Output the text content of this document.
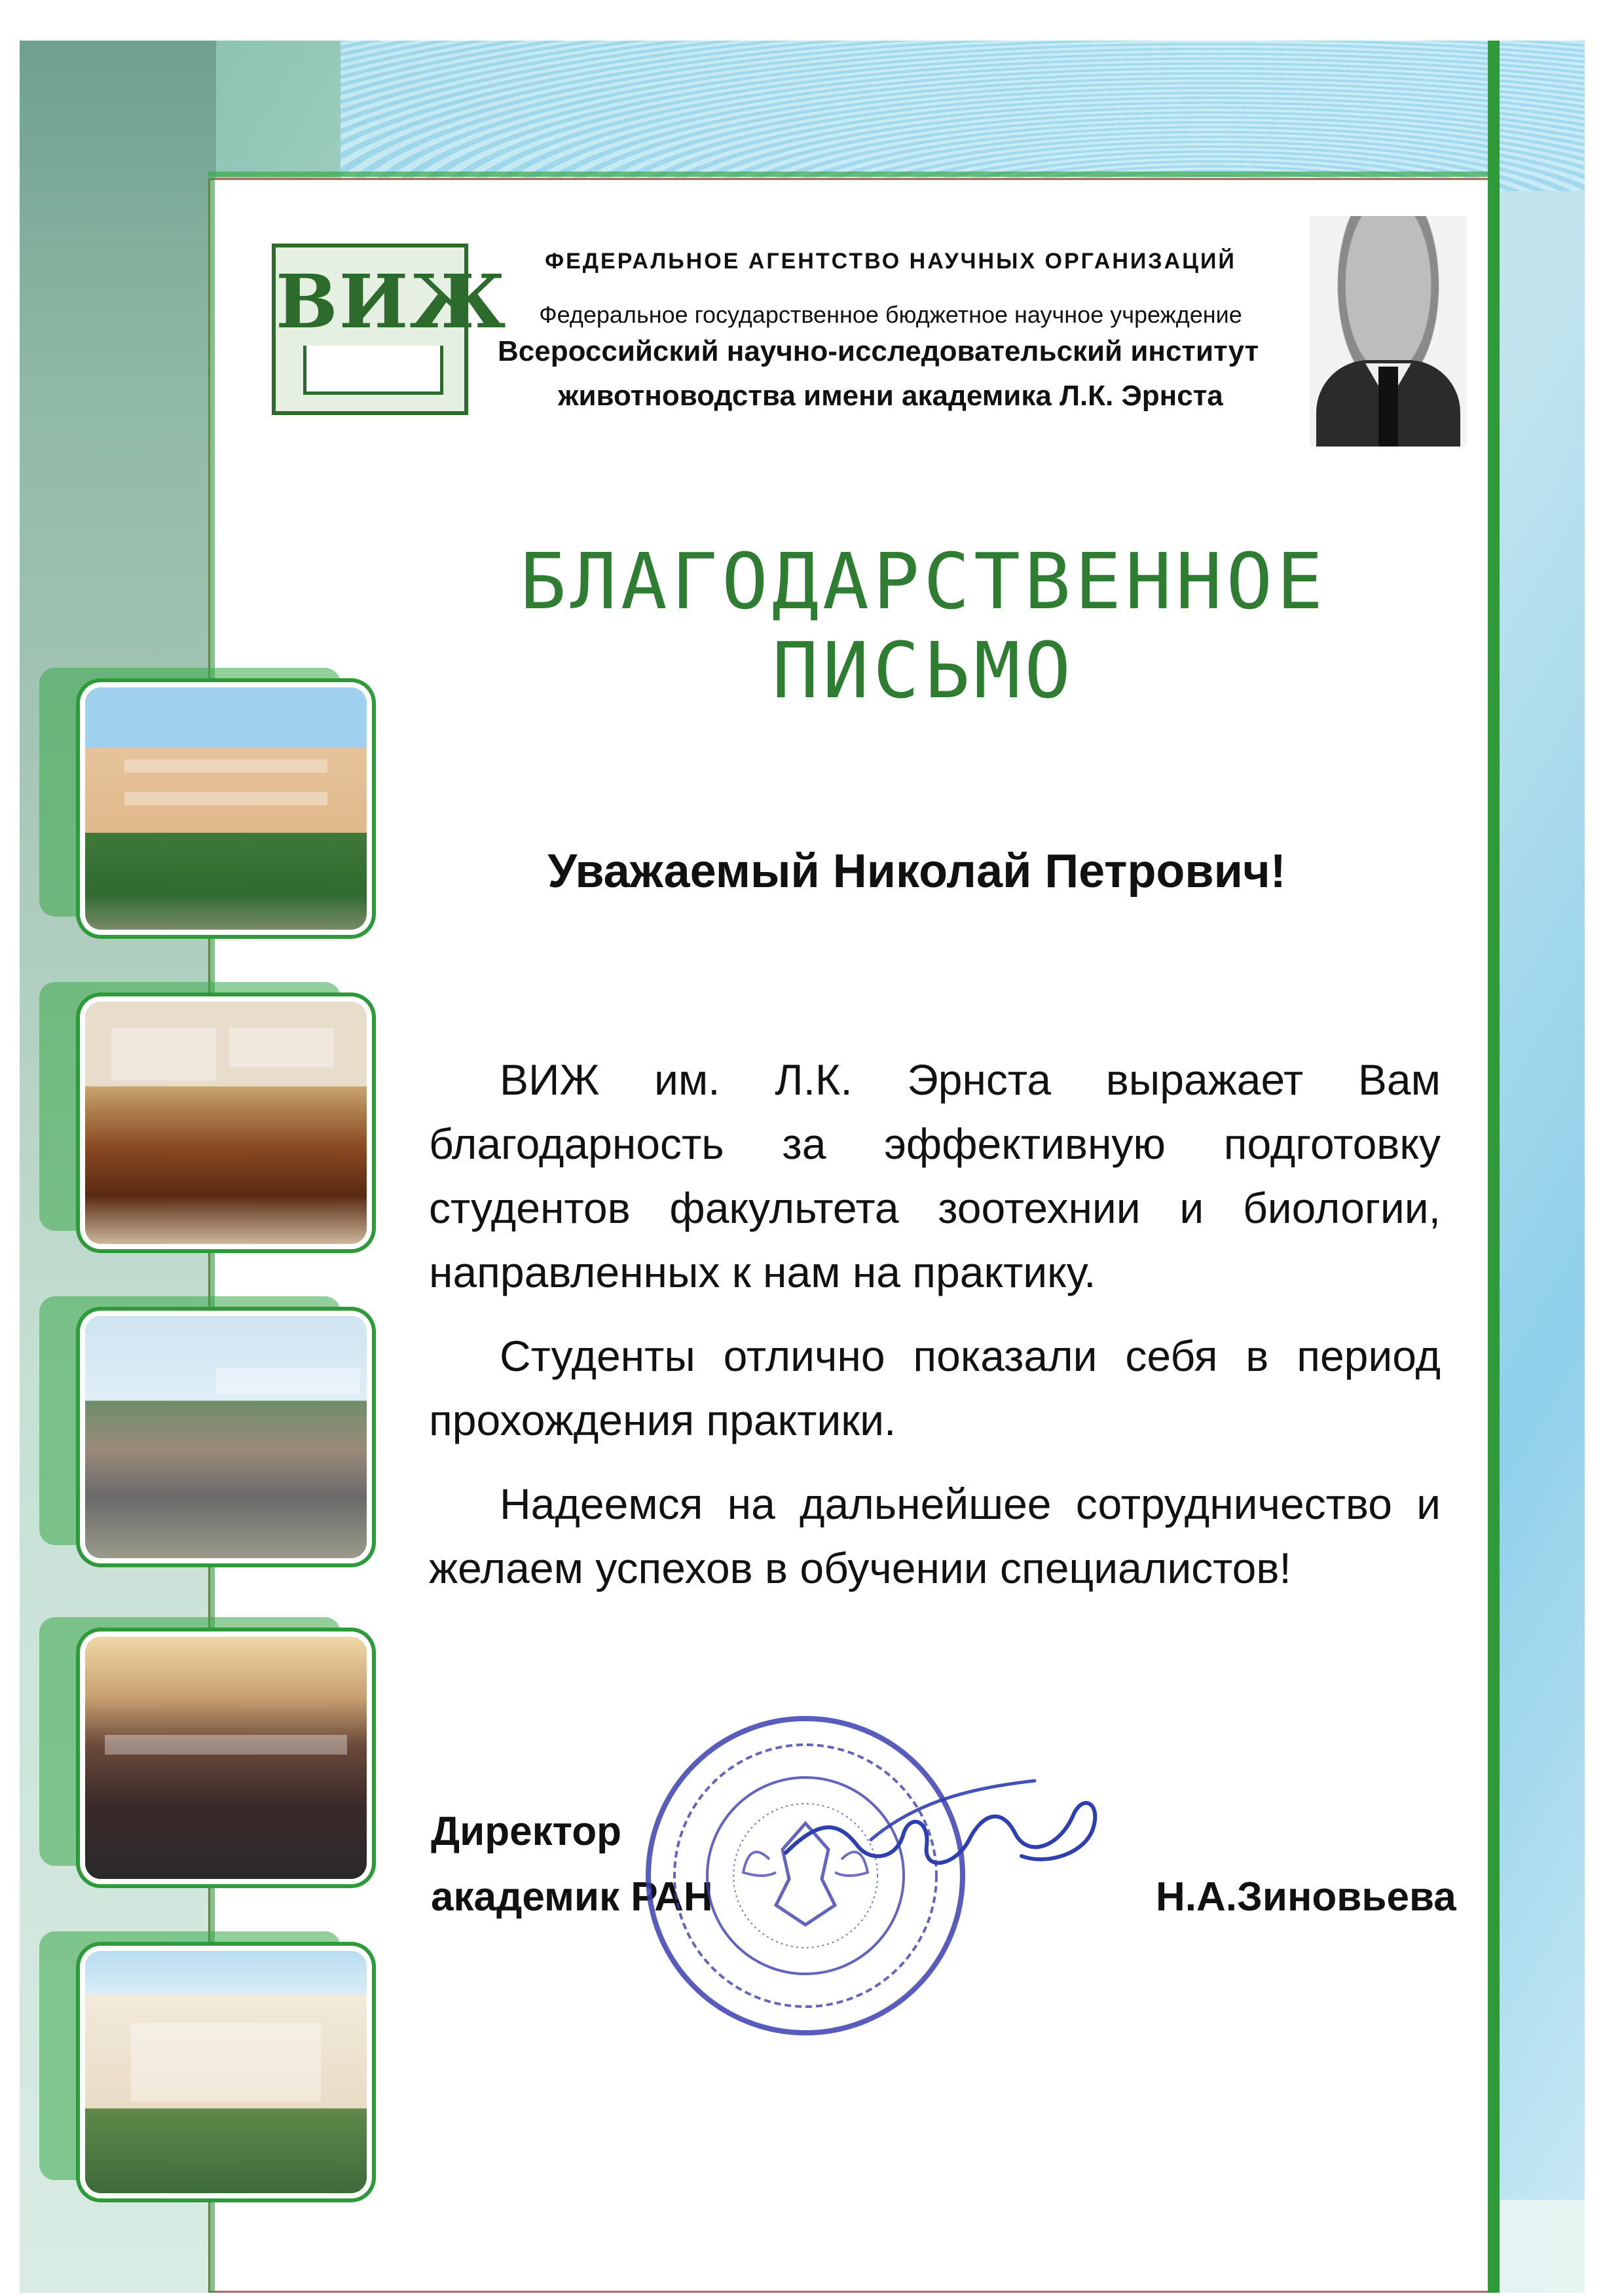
ВИЖ	ФЕДЕРАЛЬНОЕ АГЕНТСТВО НАУЧНЫХ ОРГАНИЗАЦИЙ
Федеральное государственное бюджетное научное учреждение
Всероссийский научно-исследовательский институт
животноводства имени академика Л.К. Эрнста
БЛАГОДАРСТВЕННОЕ
ПИСЬМО
Уважаемый Николай Петрович!

ВИЖ им. Л.К. Эрнста выражает Вам благодарность за эффективную подготовку студентов факультета зоотехнии и биологии, направленных к нам на практику.

Студенты отлично показали себя в период прохождения практики.

Надеемся на дальнейшее сотрудничество и желаем успехов в обучении специалистов!

Директор
академик РАН	Н.А.Зиновьева
